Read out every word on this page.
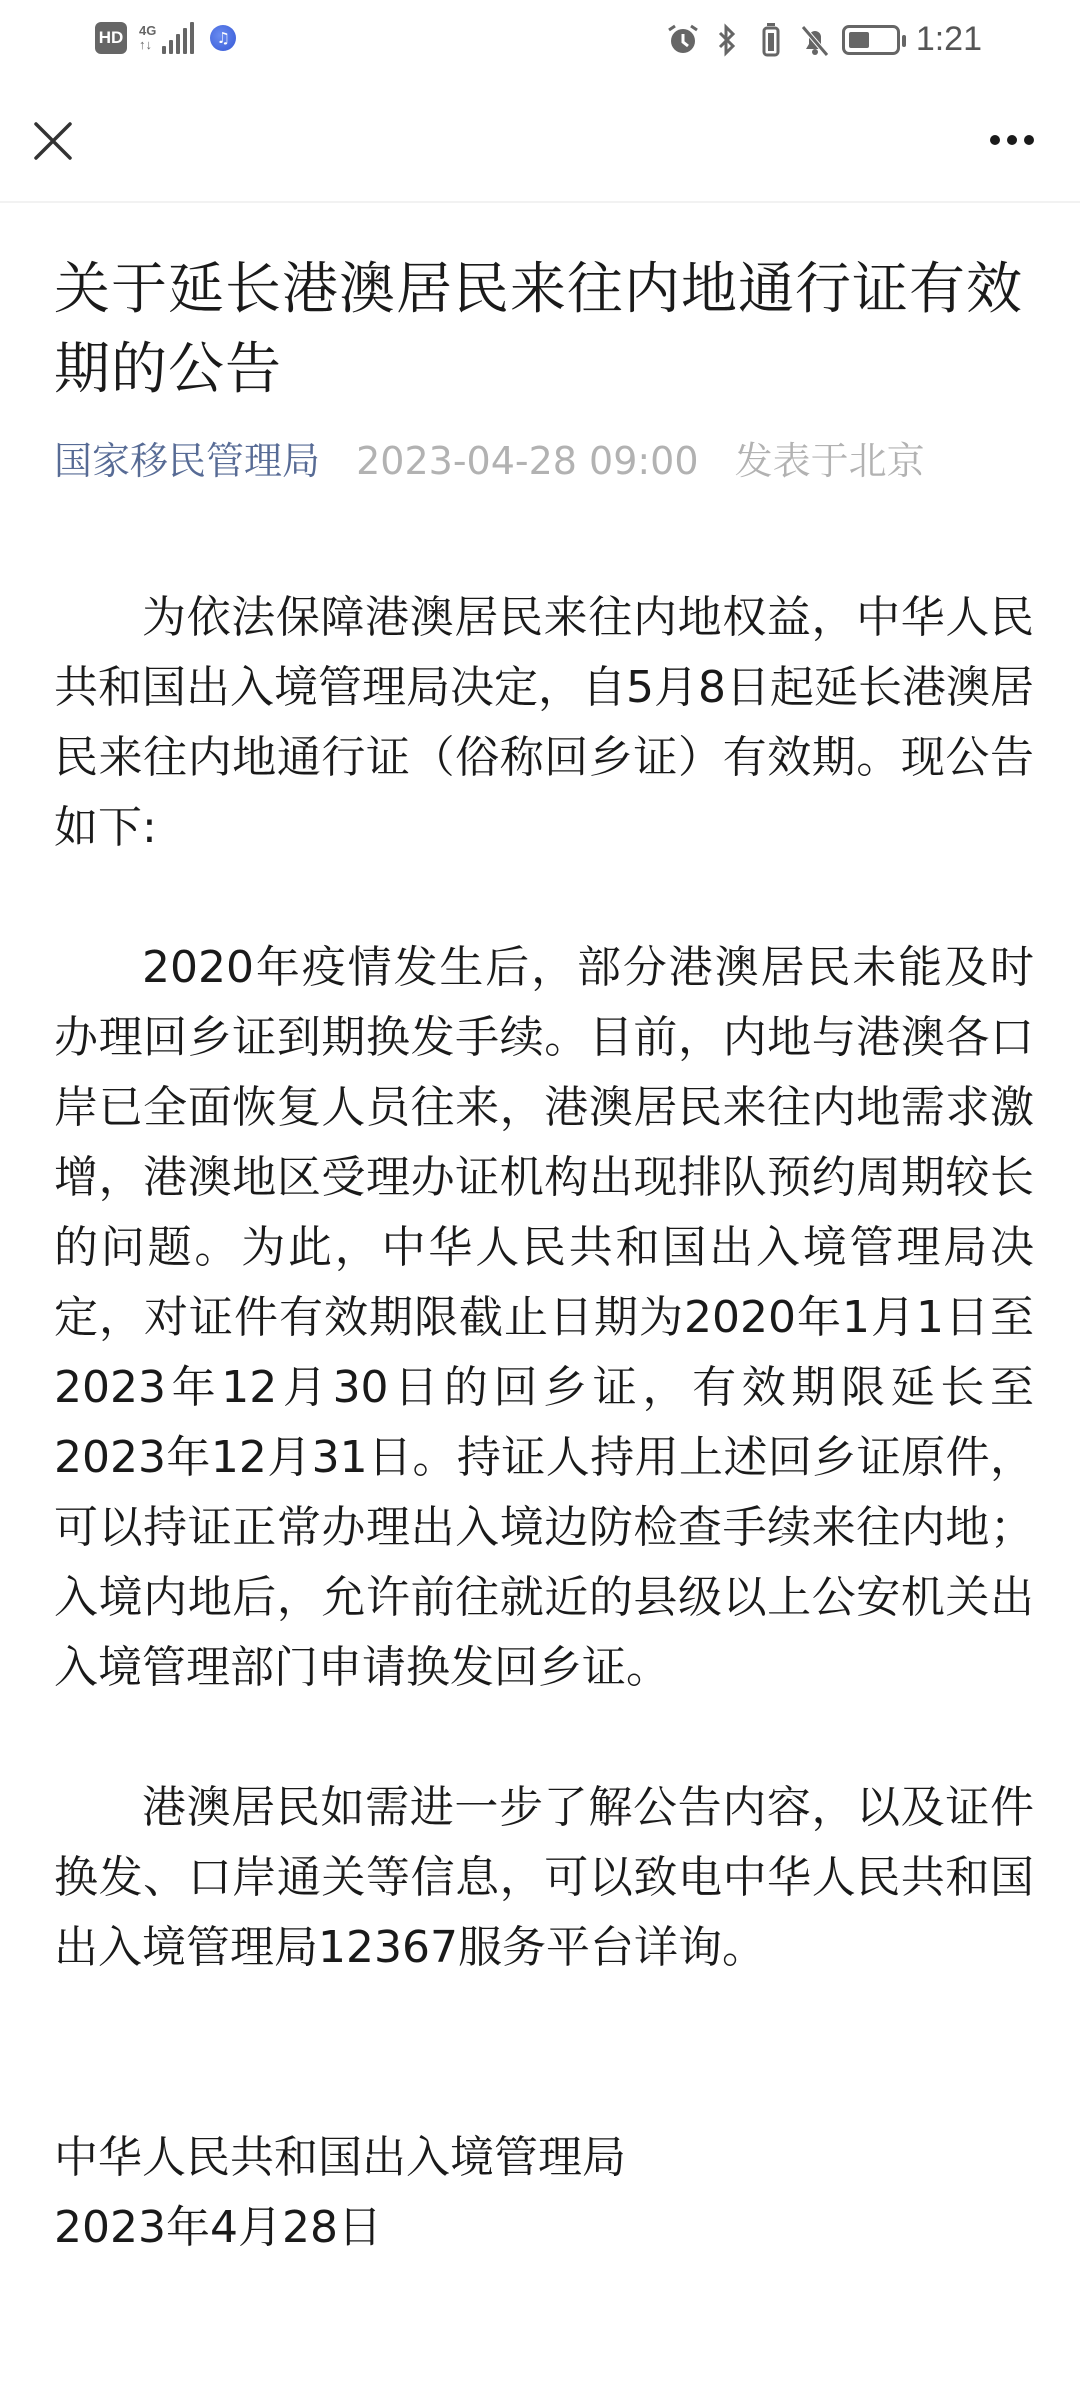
HD 4G
↑↓	♫	1:21
关于延长港澳居民来往内地通行证有效期的公告
国家移民管理局 2023-04-28 09:00 发表于北京

为依法保障港澳居民来往内地权益，中华人民共和国出入境管理局决定，自5月8日起延长港澳居民来往内地通行证（俗称回乡证）有效期。现公告如下:

2020年疫情发生后，部分港澳居民未能及时办理回乡证到期换发手续。目前，内地与港澳各口岸已全面恢复人员往来，港澳居民来往内地需求激增，港澳地区受理办证机构出现排队预约周期较长的问题。为此，中华人民共和国出入境管理局决定，对证件有效期限截止日期为2020年1月1日至2023年12月30日的回乡证，有效期限延长至2023年12月31日。持证人持用上述回乡证原件，可以持证正常办理出入境边防检查手续来往内地；入境内地后，允许前往就近的县级以上公安机关出入境管理部门申请换发回乡证。

港澳居民如需进一步了解公告内容，以及证件换发、口岸通关等信息，可以致电中华人民共和国出入境管理局12367服务平台详询。

中华人民共和国出入境管理局

2023年4月28日
